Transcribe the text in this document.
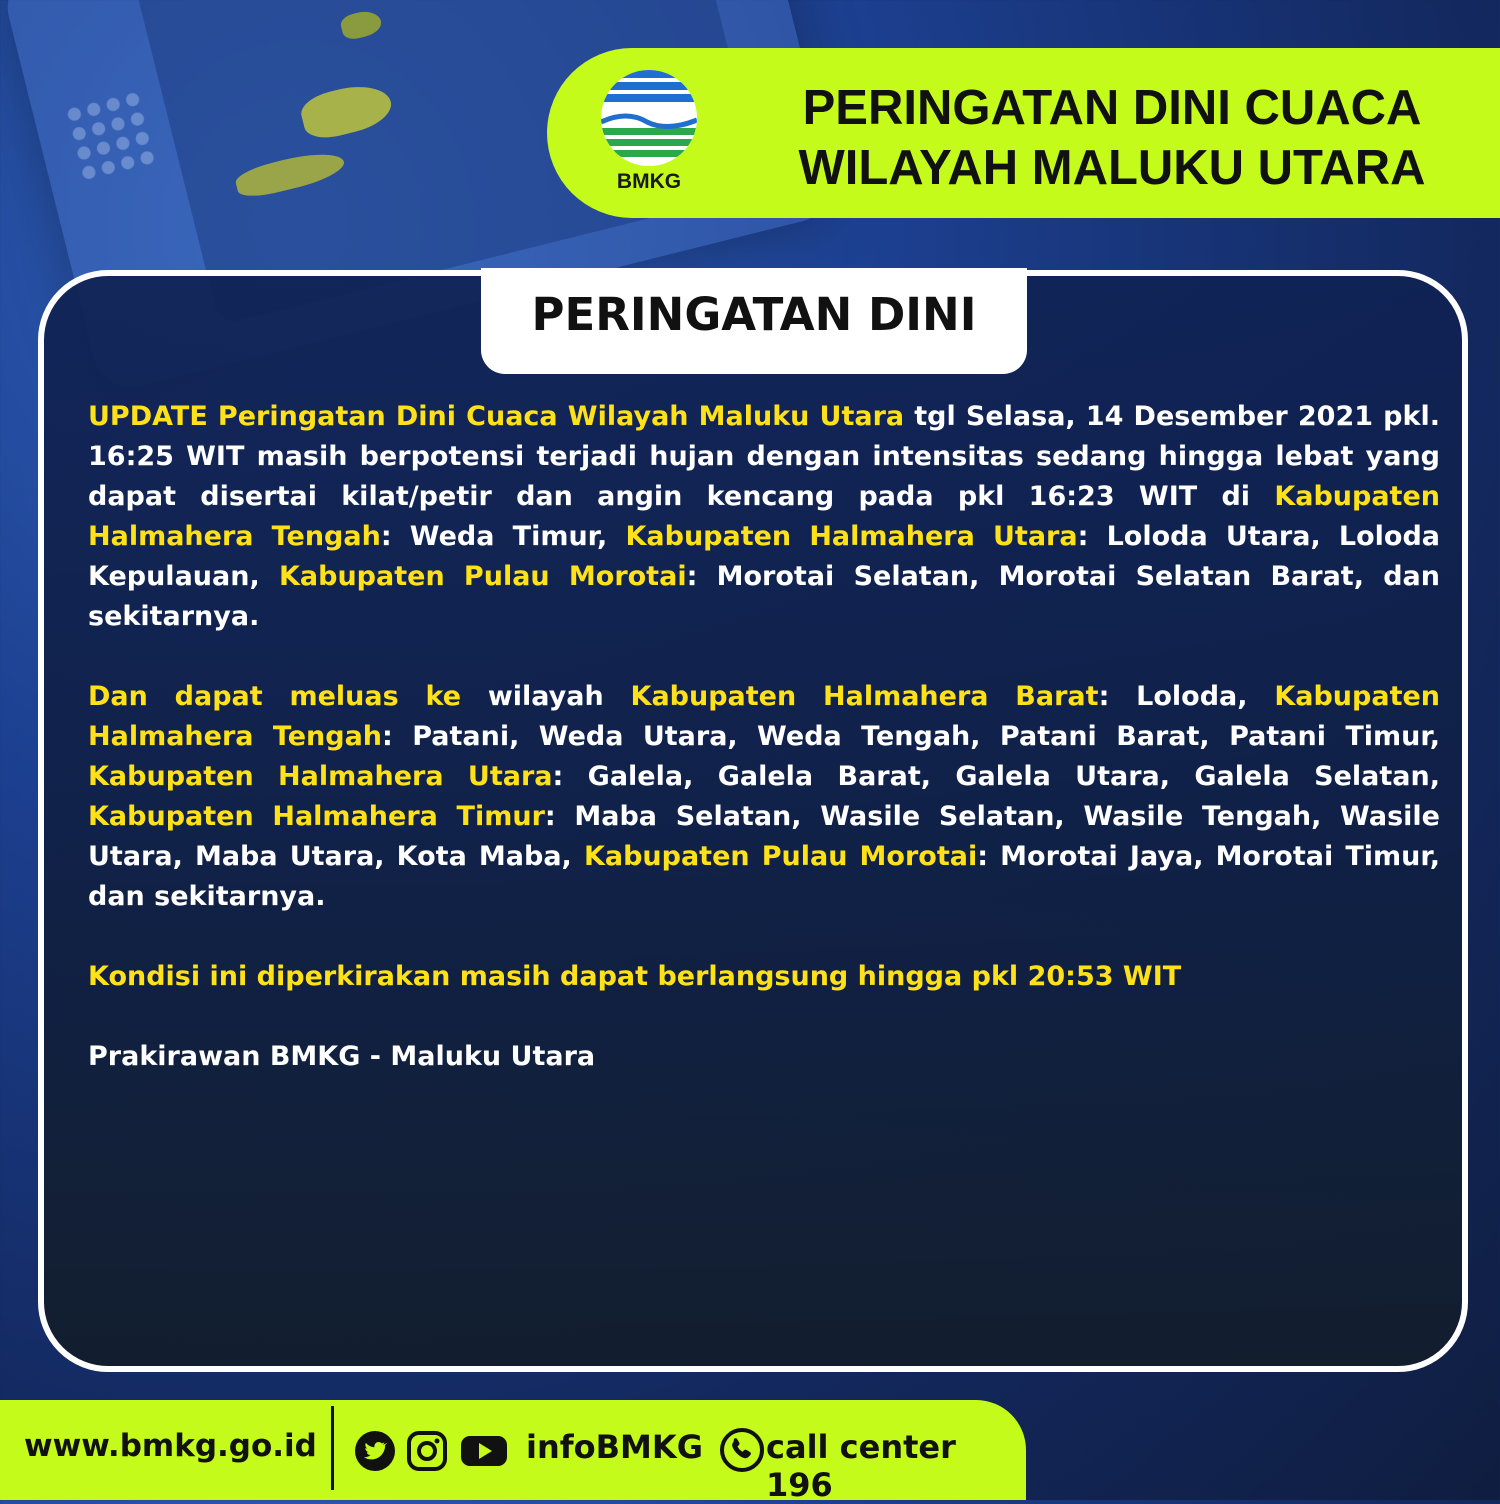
BMKG
PERINGATAN DINI CUACA
WILAYAH MALUKU UTARA
PERINGATAN DINI

UPDATE Peringatan Dini Cuaca Wilayah Maluku Utara tgl Selasa, 14 Desember 2021 pkl. 16:25 WIT masih berpotensi terjadi hujan dengan intensitas sedang hingga lebat yang dapat disertai kilat/petir dan angin kencang pada pkl 16:23 WIT di Kabupaten Halmahera Tengah: Weda Timur, Kabupaten Halmahera Utara: Loloda Utara, Loloda Kepulauan, Kabupaten Pulau Morotai: Morotai Selatan, Morotai Selatan Barat, dan sekitarnya.

Dan dapat meluas ke wilayah Kabupaten Halmahera Barat: Loloda, Kabupaten Halmahera Tengah: Patani, Weda Utara, Weda Tengah, Patani Barat, Patani Timur, Kabupaten Halmahera Utara: Galela, Galela Barat, Galela Utara, Galela Selatan, Kabupaten Halmahera Timur: Maba Selatan, Wasile Selatan, Wasile Tengah, Wasile Utara, Maba Utara, Kota Maba, Kabupaten Pulau Morotai: Morotai Jaya, Morotai Timur, dan sekitarnya.

Kondisi ini diperkirakan masih dapat berlangsung hingga pkl 20:53 WIT

Prakirawan BMKG - Maluku Utara

www.bmkg.go.id	infoBMKG call center 196
